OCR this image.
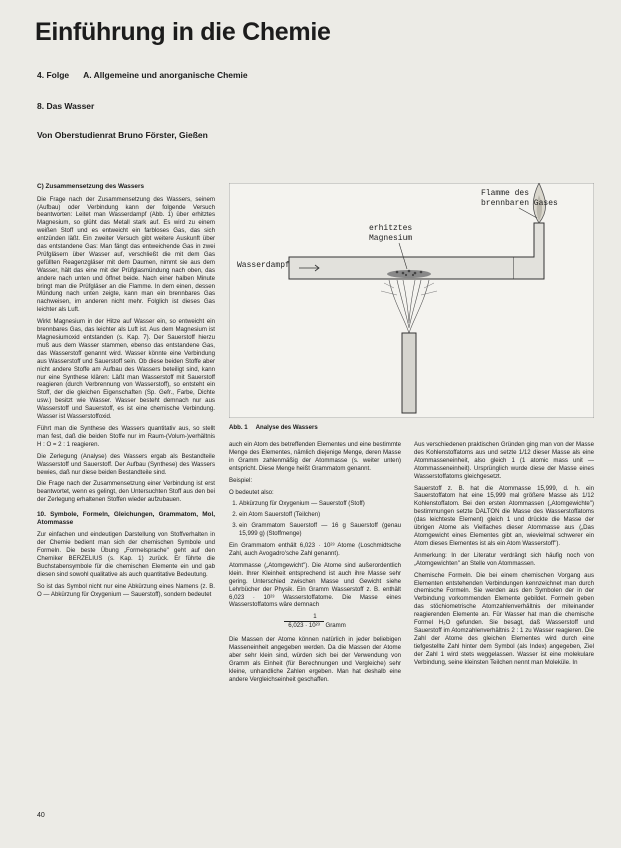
Einführung in die Chemie
4. Folge A. Allgemeine und anorganische Chemie
8. Das Wasser
Von Oberstudienrat Bruno Förster, Gießen
C) Zusammensetzung des Wassers

Die Frage nach der Zusammensetzung des Wassers, seinem (Aufbau) oder Verbindung kann der folgende Versuch beantworten: Leitet man Wasserdampf (Abb. 1) über erhitztes Magnesium, so glüht das Metall stark auf. Es wird zu einem weißen Stoff und es entweicht ein farbloses Gas, das sich entzünden läßt. Ein zweiter Versuch gibt weitere Auskunft über das entstandene Gas: Man fängt das entweichende Gas in zwei Prüfgläsern über Wasser auf, verschließt die mit dem Gas gefüllten Reagenzgläser mit dem Daumen, nimmt sie aus dem Wasser, hält das eine mit der Prüfglasmündung nach oben, das andere nach unten und öffnet beide. Nach einer halben Minute bringt man die Prüfgläser an die Flamme. In dem einen, dessen Mündung nach unten zeigte, kann man ein brennbares Gas nachweisen, im anderen nicht mehr. Folglich ist dieses Gas leichter als Luft.

Wirkt Magnesium in der Hitze auf Wasser ein, so entweicht ein brennbares Gas, das leichter als Luft ist. Aus dem Magnesium ist Magnesiumoxid entstanden (s. Kap. 7). Der Sauerstoff hierzu muß aus dem Wasser stammen, ebenso das entstandene Gas, das Wasserstoff genannt wird. Wasser könnte eine Verbindung aus Wasserstoff und Sauerstoff sein. Ob diese beiden Stoffe aber nicht andere Stoffe am Aufbau des Wassers beteiligt sind, kann nur eine Synthese klären: Läßt man Wasserstoff mit Sauerstoff reagieren (durch Verbrennung von Wasserstoff), so entsteht ein Stoff, der die gleichen Eigenschaften (Sp. Gefr., Farbe, Dichte usw.) besitzt wie Wasser. Wasser besteht demnach nur aus Wasserstoff und Sauerstoff, es ist eine chemische Verbindung. Wasser ist Wasserstoffoxid.

Führt man die Synthese des Wassers quantitativ aus, so stellt man fest, daß die beiden Stoffe nur im Raum-(Volum-)verhältnis H : O = 2 : 1 reagieren.

Die Zerlegung (Analyse) des Wassers ergab als Bestandteile Wasserstoff und Sauerstoff. Der Aufbau (Synthese) des Wassers bewies, daß nur diese beiden Bestandteile sind.

Die Frage nach der Zusammensetzung einer Verbindung ist erst beantwortet, wenn es gelingt, den Untersuchten Stoff aus den bei der Zerlegung erhaltenen Stoffen wieder aufzubauen.

10. Symbole, Formeln, Gleichungen, Grammatom, Mol, Atommasse

Zur einfachen und eindeutigen Darstellung von Stoffverhalten in der Chemie bedient man sich der chemischen Symbole und Formeln. Die beste Übung „Formelsprache" geht auf den Chemiker BERZELIUS (s. Kap. 1) zurück. Er führte die Buchstabensymbole für die chemischen Elemente ein und gab diesen sind sowohl qualitative als auch quantitative Bedeutung.

So ist das Symbol nicht nur eine Abkürzung eines Namens (z. B. O — Abkürzung für Oxygenium — Sauerstoff), sondern bedeutet

Flamme des
brennbaren Gases
erhitztes
Magnesium
Wasserdampf
Abb. 1 Analyse des Wassers

auch ein Atom des betreffenden Elementes und eine bestimmte Menge des Elementes, nämlich diejenige Menge, deren Masse in Gramm zahlenmäßig der Atommasse (s. weiter unten) entspricht. Diese Menge heißt Grammatom genannt.

Beispiel:

O bedeutet also:

1. Abkürzung für Oxygenium — Sauerstoff (Stoff)
2. ein Atom Sauerstoff (Teilchen)
3. ein Grammatom Sauerstoff — 16 g Sauerstoff (genau 15,999 g) (Stoffmenge)

Ein Grammatom enthält 6,023 · 10²³ Atome (Loschmidtsche Zahl, auch Avogadro'sche Zahl genannt).

Atommasse („Atomgewicht"). Die Atome sind außerordentlich klein. Ihrer Kleinheit entsprechend ist auch ihre Masse sehr gering. Unterschied zwischen Masse und Gewicht siehe Lehrbücher der Physik. Ein Gramm Wasserstoff z. B. enthält 6,023 · 10²³ Wasserstoffatome. Die Masse eines Wasserstoffatoms wäre demnach

1
6,023 · 10²³ Gramm

Die Massen der Atome können natürlich in jeder beliebigen Masseneinheit angegeben werden. Da die Massen der Atome aber sehr klein sind, würden sich bei der Verwendung von Gramm als Einheit (für Berechnungen und Vergleiche) sehr kleine, unhandliche Zahlen ergeben. Man hat deshalb eine andere Vergleichseinheit geschaffen.

Aus verschiedenen praktischen Gründen ging man von der Masse des Kohlenstoffatoms aus und setzte 1/12 dieser Masse als eine Atommasseneinheit, also gleich 1 (1 atomic mass unit — Atommasseneinheit). Ursprünglich wurde diese der Masse eines Wasserstoffatoms gleichgesetzt.

Sauerstoff z. B. hat die Atommasse 15,999, d. h. ein Sauerstoffatom hat eine 15,999 mal größere Masse als 1/12 Kohlenstoffatom. Bei den ersten Atommassen („Atomgewichte") bestimmungen setzte DALTON die Masse des Wasserstoffatoms (das leichteste Element) gleich 1 und drückte die Masse der übrigen Atome als Vielfaches dieser Atommasse aus („Das Atomgewicht eines Elementes gibt an, wievielmal schwerer ein Atom dieses Elementes ist als ein Atom Wasserstoff").

Anmerkung: In der Literatur verdrängt sich häufig noch von „Atomgewichten" an Stelle von Atommassen.

Chemische Formeln. Die bei einem chemischen Vorgang aus Elementen entstehenden Verbindungen kennzeichnet man durch chemische Formeln. Sie werden aus den Symbolen der in der Verbindung vorkommenden Elemente gebildet. Formeln geben das stöchiometrische Atomzahlenverhältnis der miteinander reagierenden Elemente an. Für Wasser hat man die chemische Formel H₂O gefunden. Sie besagt, daß Wasserstoff und Sauerstoff im Atomzahlenverhältnis 2 : 1 zu Wasser reagieren. Die Zahl der Atome des gleichen Elementes wird durch eine tiefgestellte Zahl hinter dem Symbol (als Index) angegeben, Ziel der Zahl 1 wird stets weggelassen. Wasser ist eine molekulare Verbindung, seine kleinsten Teilchen nennt man Moleküle. In

40
